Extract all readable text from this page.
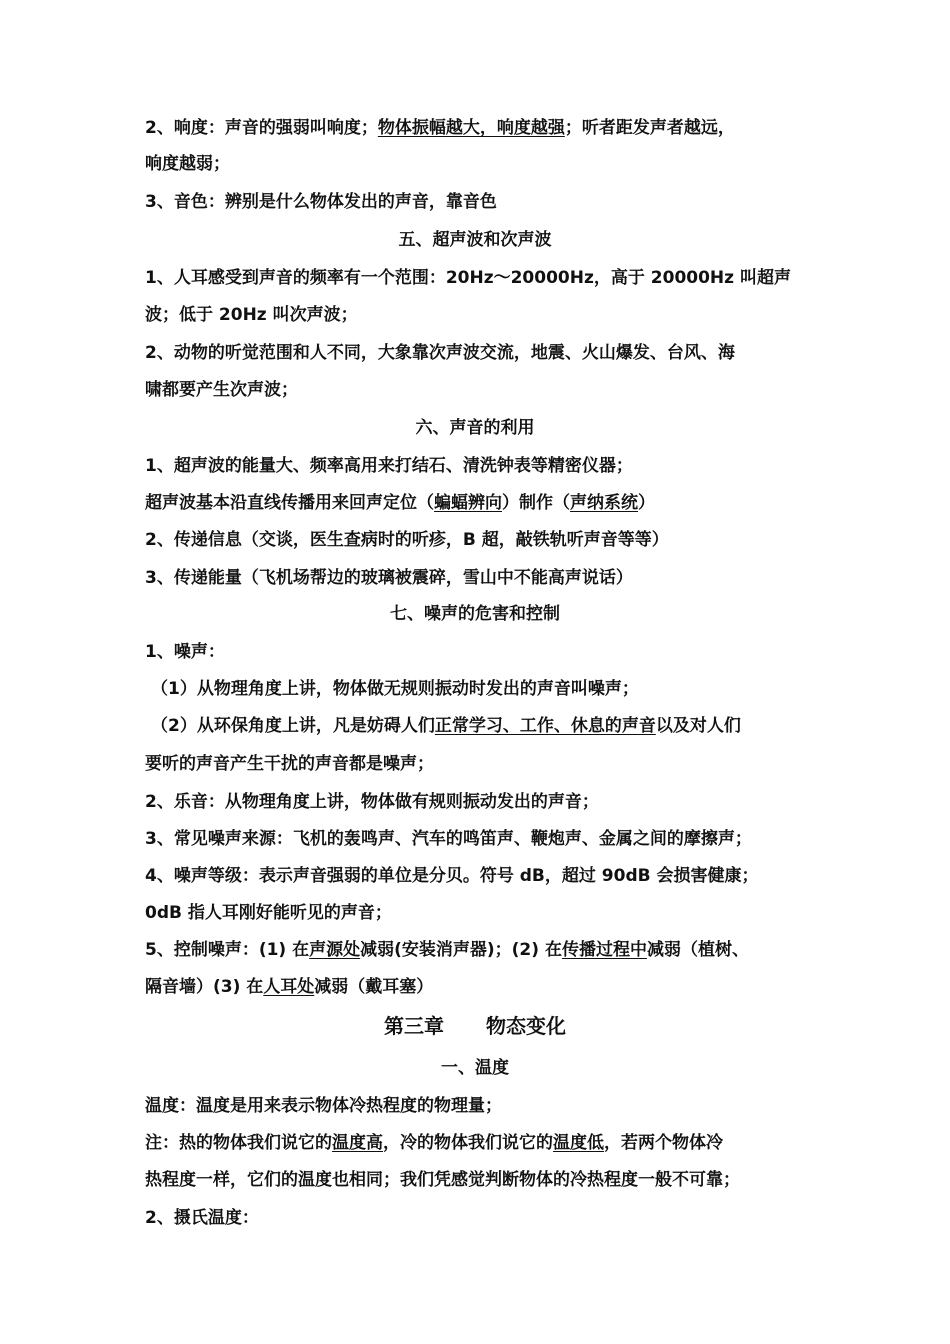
2、响度：声音的强弱叫响度；物体振幅越大，响度越强；听者距发声者越远，
响度越弱；
3、音色：辨别是什么物体发出的声音，靠音色
五、超声波和次声波
1、人耳感受到声音的频率有一个范围：20Hz～20000Hz，高于 20000Hz 叫超声
波；低于 20Hz 叫次声波；
2、动物的听觉范围和人不同，大象靠次声波交流，地震、火山爆发、台风、海
啸都要产生次声波；
六、声音的利用
1、超声波的能量大、频率高用来打结石、清洗钟表等精密仪器；
超声波基本沿直线传播用来回声定位（蝙蝠辨向）制作（声纳系统）
2、传递信息（交谈，医生查病时的听疹，B 超，敲铁轨听声音等等）
3、传递能量（飞机场帮边的玻璃被震碎，雪山中不能高声说话）
七、噪声的危害和控制
1、噪声：
（1）从物理角度上讲，物体做无规则振动时发出的声音叫噪声；
（2）从环保角度上讲，凡是妨碍人们正常学习、工作、休息的声音以及对人们
要听的声音产生干扰的声音都是噪声；
2、乐音：从物理角度上讲，物体做有规则振动发出的声音；
3、常见噪声来源：飞机的轰鸣声、汽车的鸣笛声、鞭炮声、金属之间的摩擦声；
4、噪声等级：表示声音强弱的单位是分贝。符号 dB，超过 90dB 会损害健康；
0dB 指人耳刚好能听见的声音；
5、控制噪声：(1) 在声源处减弱(安装消声器)；(2) 在传播过程中减弱（植树、
隔音墙）(3) 在人耳处减弱（戴耳塞）
第三章 物态变化
一、温度
温度：温度是用来表示物体冷热程度的物理量；
注：热的物体我们说它的温度高，冷的物体我们说它的温度低，若两个物体冷
热程度一样，它们的温度也相同；我们凭感觉判断物体的冷热程度一般不可靠；
2、摄氏温度：
